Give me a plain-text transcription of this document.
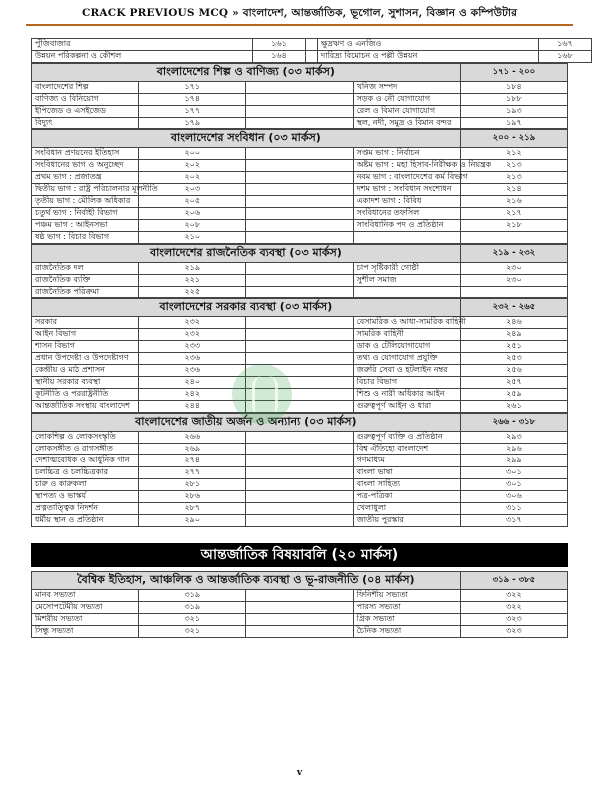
CRACK PREVIOUS MCQ » বাংলাদেশ, আন্তর্জাতিক, ভূগোল, সুশাসন, বিজ্ঞান ও কম্পিউটার
পুঁজিবাজার	১৬১		ক্ষুদ্রঋণ ও এনজিও	১৬৭
উন্নয়ন পরিকল্পনা ও কৌশল	১৬৪		দারিদ্র্য বিমোচন ও পল্লী উন্নয়ন	১৬৮
বাংলাদেশের শিল্প ও বাণিজ্য (০৩ মার্কস)				১৭১ - ২০০
বাংলাদেশের শিল্প	১৭১		খনিজ সম্পদ	১৮৪
বাণিজ্য ও বিনিয়োগ	১৭৪		সড়ক ও নৌ যোগাযোগ	১৮৮
ইপিজেড ও এসইজেড	১৭৭		রেল ও বিমান যোগাযোগ	১৯৩
বিদ্যুৎ	১৭৯		স্থল, নদী, সমুদ্র ও বিমান বন্দর	১৯৭
বাংলাদেশের সংবিধান (০৩ মার্কস)				২০০ - ২১৯
সংবিধান প্রণয়নের ইতিহাস	২০০		সপ্তম ভাগ : নির্বাচন	২১২
সংবিধানের ভাগ ও অনুচ্ছেদ	২০২		অষ্টম ভাগ : মহা হিসাব-নিরীক্ষক ও নিয়ন্ত্রক	২১৩
প্রথম ভাগ : প্রজাতন্ত্র	২০২		নবম ভাগ : বাংলাদেশের কর্ম বিভাগ	২১৩
দ্বিতীয় ভাগ : রাষ্ট্র পরিচালনার মূলনীতি	২০৩		দশম ভাগ : সংবিধান সংশোধন	২১৪
তৃতীয় ভাগ : মৌলিক অধিকার	২০৫		একাদশ ভাগ : বিবিধ	২১৬
চতুর্থ ভাগ : নির্বাহী বিভাগ	২০৬		সংবিধানের তফসিল	২১৭
পঞ্চম ভাগ : আইনসভা	২০৮		সাংবিধানিক পদ ও প্রতিষ্ঠান	২১৮
ষষ্ঠ ভাগ : বিচার বিভাগ	২১০			
বাংলাদেশের রাজনৈতিক ব্যবস্থা (০৩ মার্কস)				২১৯ - ২৩২
রাজনৈতিক দল	২১৯		চাপ সৃষ্টিকারী গোষ্ঠী	২৩০
রাজনৈতিক ব্যক্তি	২২১		সুশীল সমাজ	২৩০
রাজনৈতিক পরিক্রমা	২২৫			
বাংলাদেশের সরকার ব্যবস্থা (০৩ মার্কস)				২৩২ - ২৬৫
সরকার	২৩২		বেসামরিক ও আধা-সামরিক বাহিনী	২৪৬
আইন বিভাগ	২৩২		সামরিক বাহিনী	২৪৯
শাসন বিভাগ	২৩৩		ডাক ও টেলিযোগাযোগ	২৫১
প্রধান উপদেষ্টা ও উপদেষ্টাগণ	২৩৬		তথ্য ও যোগাযোগ প্রযুক্তি	২৫৩
কেন্দ্রীয় ও মাঠ প্রশাসন	২৩৬		জরুরি সেবা ও হটলাইন নম্বর	২৫৬
স্থানীয় সরকার ব্যবস্থা	২৪০		বিচার বিভাগ	২৫৭
কূটনীতি ও পররাষ্ট্রনীতি	২৪২		শিশু ও নারী অধিকার আইন	২৫৯
আন্তর্জাতিক সংস্থায় বাংলাদেশ	২৪৪		গুরুত্বপূর্ণ আইন ও ধারা	২৬১
বাংলাদেশের জাতীয় অর্জন ও অন্যান্য (০৩ মার্কস)				২৬৬ - ৩১৮
লোকশিল্প ও লোকসংস্কৃতি	২৬৬		গুরুত্বপূর্ণ ব্যক্তি ও প্রতিষ্ঠান	২৯৩
লোকসঙ্গীত ও রাগসঙ্গীত	২৬৯		বিশ্ব ঐতিহ্যে বাংলাদেশ	২৯৬
দেশাত্মবোধক ও আধুনিক গান	২৭৪		গণমাধ্যম	২৯৯
চলচ্চিত্র ও চলচ্চিত্রকার	২৭৭		বাংলা ভাষা	৩০১
চারু ও কারুকলা	২৮১		বাংলা সাহিত্য	৩০১
স্থাপত্য ও ভাস্কর্য	২৮৬		পত্র-পত্রিকা	৩০৬
প্রত্নতাত্ত্বিক নিদর্শন	২৮৭		খেলাধুলা	৩১১
ধর্মীয় স্থান ও প্রতিষ্ঠান	২৯০		জাতীয় পুরস্কার	৩১৭
আন্তর্জাতিক বিষয়াবলি (২০ মার্কস)
বৈশ্বিক ইতিহাস, আঞ্চলিক ও আন্তর্জাতিক ব্যবস্থা ও ভূ-রাজনীতি (০৪ মার্কস)				৩১৯ - ৩৮৫
মানব সভ্যতা	৩১৯		ফিনিশীয় সভ্যতা	৩২২
মেসোপটেমীয় সভ্যতা	৩১৯		পারস্য সভ্যতা	৩২২
মিশরীয় সভ্যতা	৩২১		গ্রিক সভ্যতা	৩২৩
সিন্ধু সভ্যতা	৩২১		চৈনিক সভ্যতা	৩২৩
v
